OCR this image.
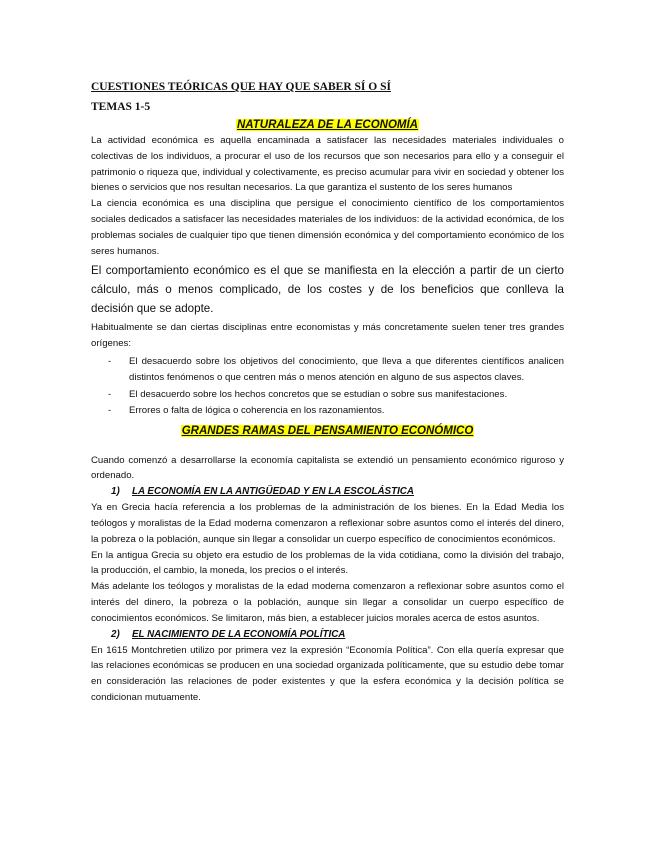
CUESTIONES TEÓRICAS QUE HAY QUE SABER SÍ O SÍ
TEMAS 1-5
NATURALEZA DE LA ECONOMÍA

La actividad económica es aquella encaminada a satisfacer las necesidades materiales individuales o colectivas de los individuos, a procurar el uso de los recursos que son necesarios para ello y a conseguir el patrimonio o riqueza que, individual y colectivamente, es preciso acumular para vivir en sociedad y obtener los bienes o servicios que nos resultan necesarios. La que garantiza el sustento de los seres humanos

La ciencia económica es una disciplina que persigue el conocimiento científico de los comportamientos sociales dedicados a satisfacer las necesidades materiales de los individuos: de la actividad económica, de los problemas sociales de cualquier tipo que tienen dimensión económica y del comportamiento económico de los seres humanos.

El comportamiento económico es el que se manifiesta en la elección a partir de un cierto cálculo, más o menos complicado, de los costes y de los beneficios que conlleva la decisión que se adopte.

Habitualmente se dan ciertas disciplinas entre economistas y más concretamente suelen tener tres grandes orígenes:

- El desacuerdo sobre los objetivos del conocimiento, que lleva a que diferentes científicos analicen distintos fenómenos o que centren más o menos atención en alguno de sus aspectos claves.
- El desacuerdo sobre los hechos concretos que se estudian o sobre sus manifestaciones.
- Errores o falta de lógica o coherencia en los razonamientos.
GRANDES RAMAS DEL PENSAMIENTO ECONÓMICO

Cuando comenzó a desarrollarse la economía capitalista se extendió un pensamiento económico riguroso y ordenado.

1) LA ECONOMÍA EN LA ANTIGÜEDAD Y EN LA ESCOLÁSTICA

Ya en Grecia hacía referencia a los problemas de la administración de los bienes. En la Edad Media los teólogos y moralistas de la Edad moderna comenzaron a reflexionar sobre asuntos como el interés del dinero, la pobreza o la población, aunque sin llegar a consolidar un cuerpo específico de conocimientos económicos.

En la antigua Grecia su objeto era estudio de los problemas de la vida cotidiana, como la división del trabajo, la producción, el cambio, la moneda, los precios o el interés.

Más adelante los teólogos y moralistas de la edad moderna comenzaron a reflexionar sobre asuntos como el interés del dinero, la pobreza o la población, aunque sin llegar a consolidar un cuerpo específico de conocimientos económicos. Se limitaron, más bien, a establecer juicios morales acerca de estos asuntos.

2) EL NACIMIENTO DE LA ECONOMÍA POLÍTICA

En 1615 Montchretien utilizo por primera vez la expresión “Economía Política”. Con ella quería expresar que las relaciones económicas se producen en una sociedad organizada políticamente, que su estudio debe tomar en consideración las relaciones de poder existentes y que la esfera económica y la decisión política se condicionan mutuamente.
